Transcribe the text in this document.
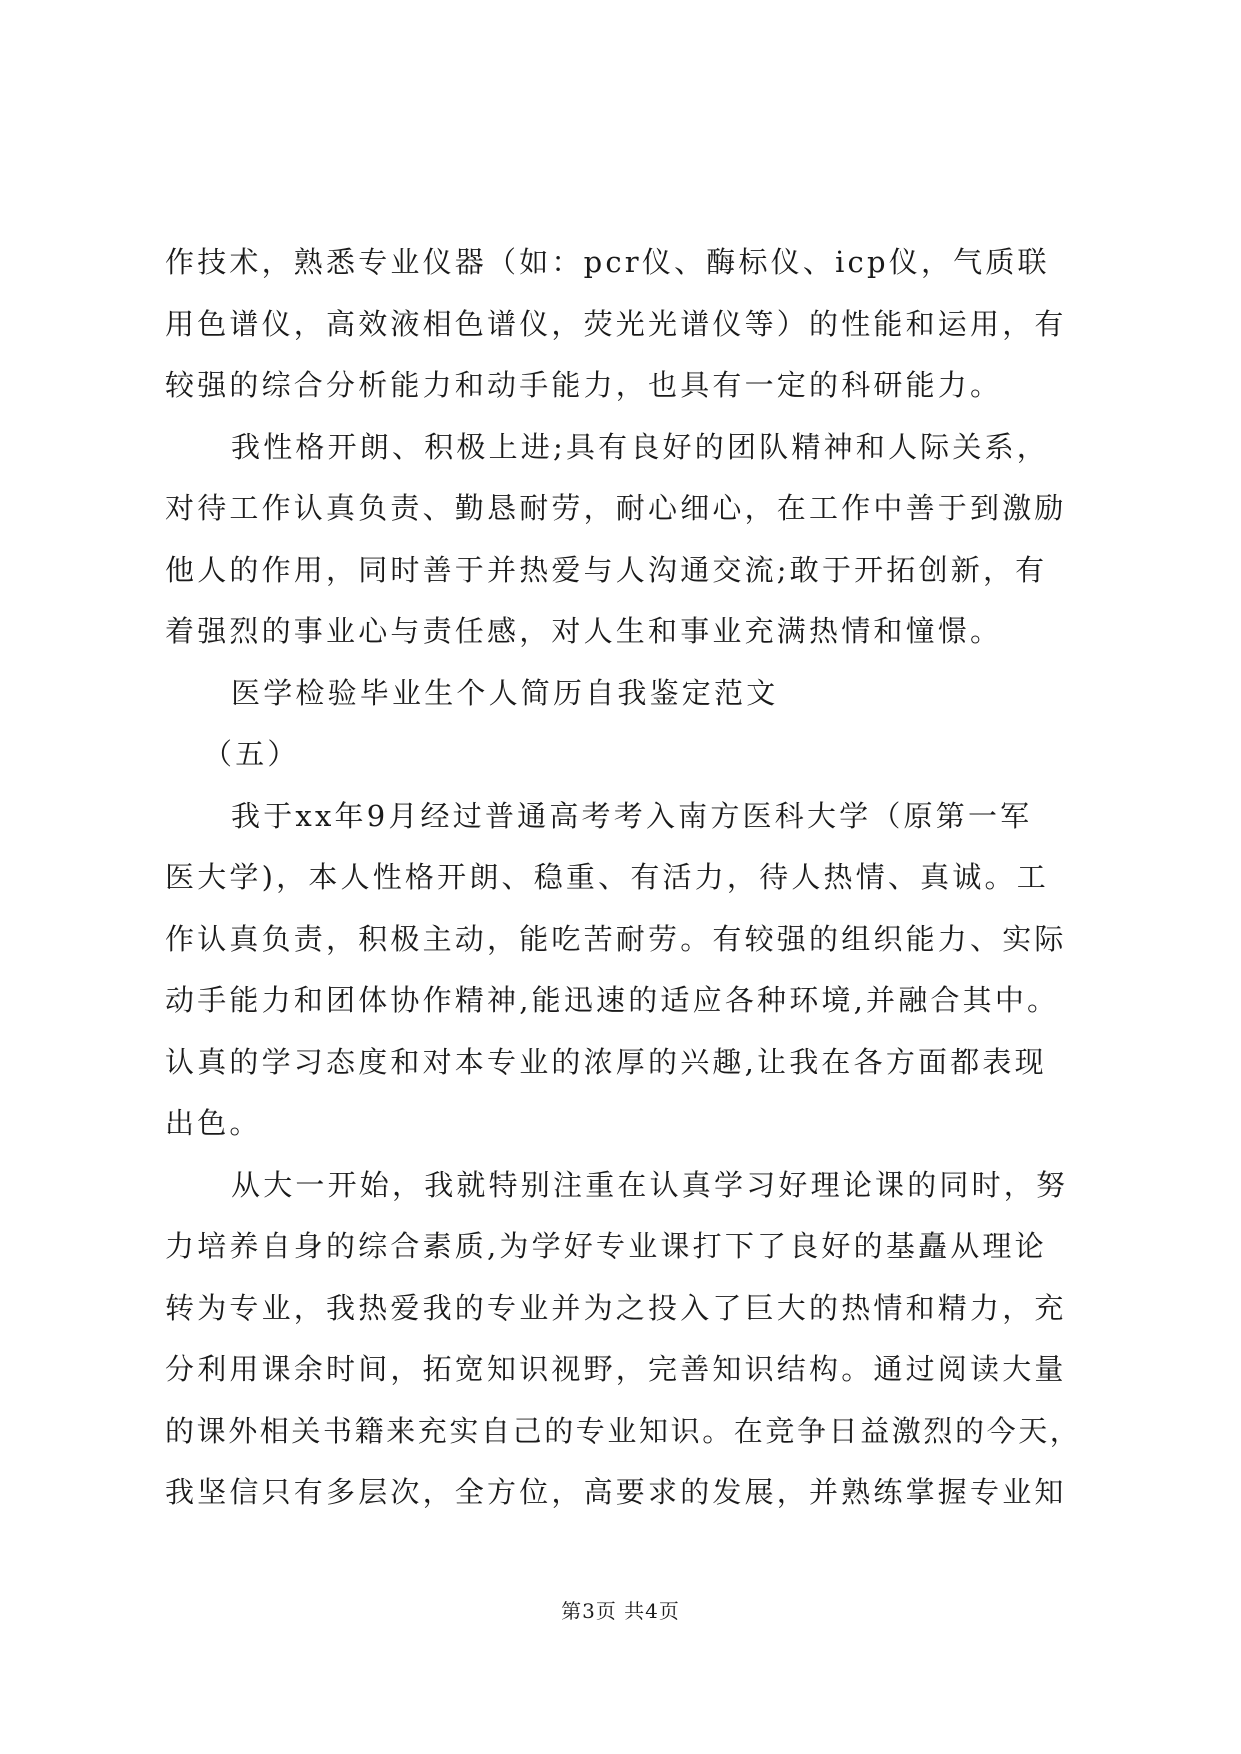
作技术，熟悉专业仪器（如：pcr仪、酶标仪、icp仪，气质联
用色谱仪，高效液相色谱仪，荧光光谱仪等）的性能和运用，有
较强的综合分析能力和动手能力，也具有一定的科研能力。
我性格开朗、积极上进;具有良好的团队精神和人际关系，
对待工作认真负责、勤恳耐劳，耐心细心，在工作中善于到激励
他人的作用，同时善于并热爱与人沟通交流;敢于开拓创新，有
着强烈的事业心与责任感，对人生和事业充满热情和憧憬。
医学检验毕业生个人简历自我鉴定范文
（五）
我于xx年9月经过普通高考考入南方医科大学（原第一军
医大学)，本人性格开朗、稳重、有活力，待人热情、真诚。工
作认真负责，积极主动，能吃苦耐劳。有较强的组织能力、实际
动手能力和团体协作精神,能迅速的适应各种环境,并融合其中。
认真的学习态度和对本专业的浓厚的兴趣,让我在各方面都表现
出色。
从大一开始，我就特别注重在认真学习好理论课的同时，努
力培养自身的综合素质,为学好专业课打下了良好的基矗从理论
转为专业，我热爱我的专业并为之投入了巨大的热情和精力，充
分利用课余时间，拓宽知识视野，完善知识结构。通过阅读大量
的课外相关书籍来充实自己的专业知识。在竞争日益激烈的今天，
我坚信只有多层次，全方位，高要求的发展，并熟练掌握专业知
第3页 共4页
